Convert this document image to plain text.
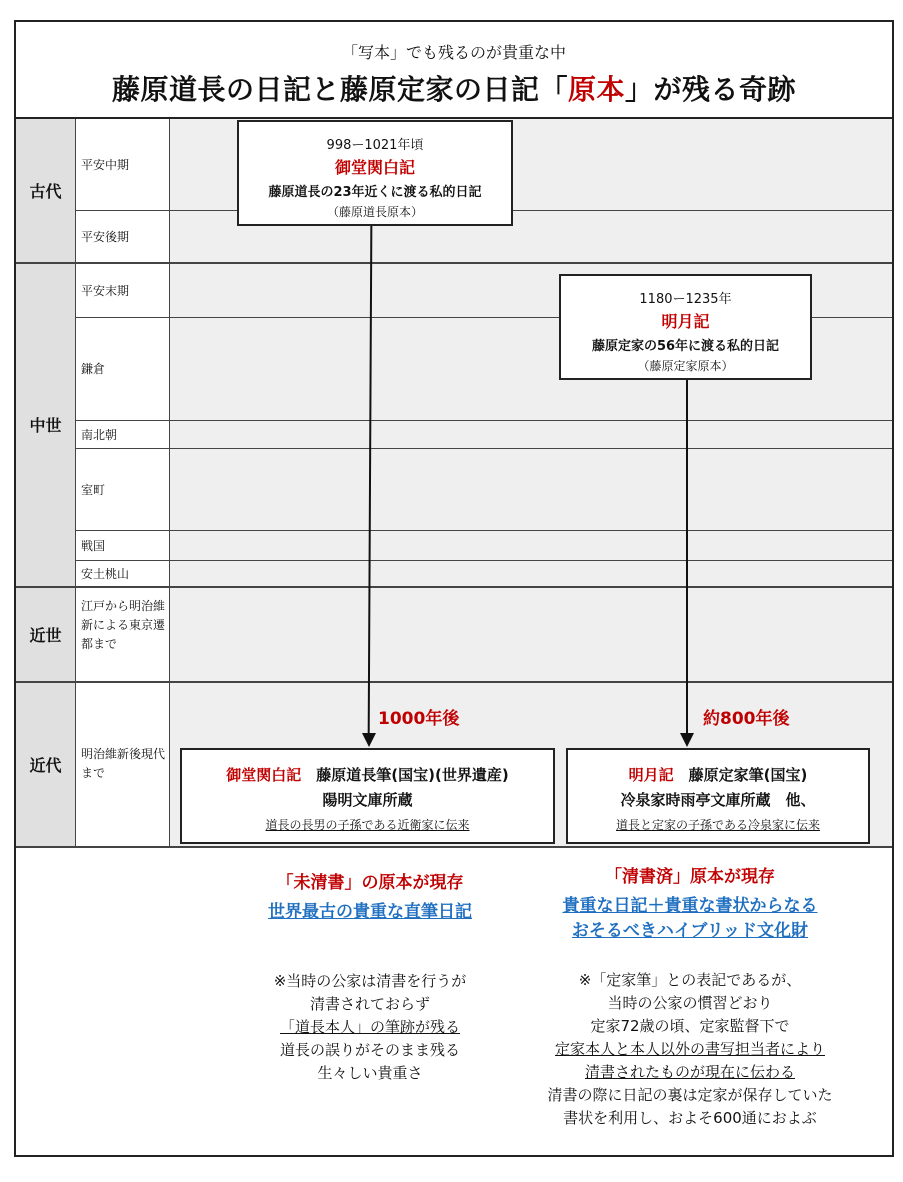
「写本」でも残るのが貴重な中
藤原道長の日記と藤原定家の日記「原本」が残る奇跡
古代
中世
近世
近代
平安中期
平安後期
平安末期
鎌倉
南北朝
室町
戦国
安土桃山
江戸から明治維新による東京遷都まで
明治維新後現代まで
998ー1021年頃
御堂関白記
藤原道長の23年近くに渡る私的日記
（藤原道長原本）
1180ー1235年
明月記
藤原定家の56年に渡る私的日記
（藤原定家原本）
1000年後	約800年後
御堂関白記　 藤原道長筆(国宝)(世界遺産)
陽明文庫所蔵
道長の長男の子孫である近衛家に伝来
明月記　 藤原定家筆(国宝)
冷泉家時雨亭文庫所蔵　他、
道長と定家の子孫である冷泉家に伝来
「未清書」の原本が現存
世界最古の貴重な直筆日記
※当時の公家は清書を行うが
清書されておらず
「道長本人」の筆跡が残る
道長の誤りがそのまま残る
生々しい貴重さ
「清書済」原本が現存
貴重な日記＋貴重な書状からなる
おそるべきハイブリッド文化財
※「定家筆」との表記であるが、
当時の公家の慣習どおり
定家72歳の頃、定家監督下で
定家本人と本人以外の書写担当者により
清書されたものが現在に伝わる
清書の際に日記の裏は定家が保存していた
書状を利用し、およそ600通におよぶ
